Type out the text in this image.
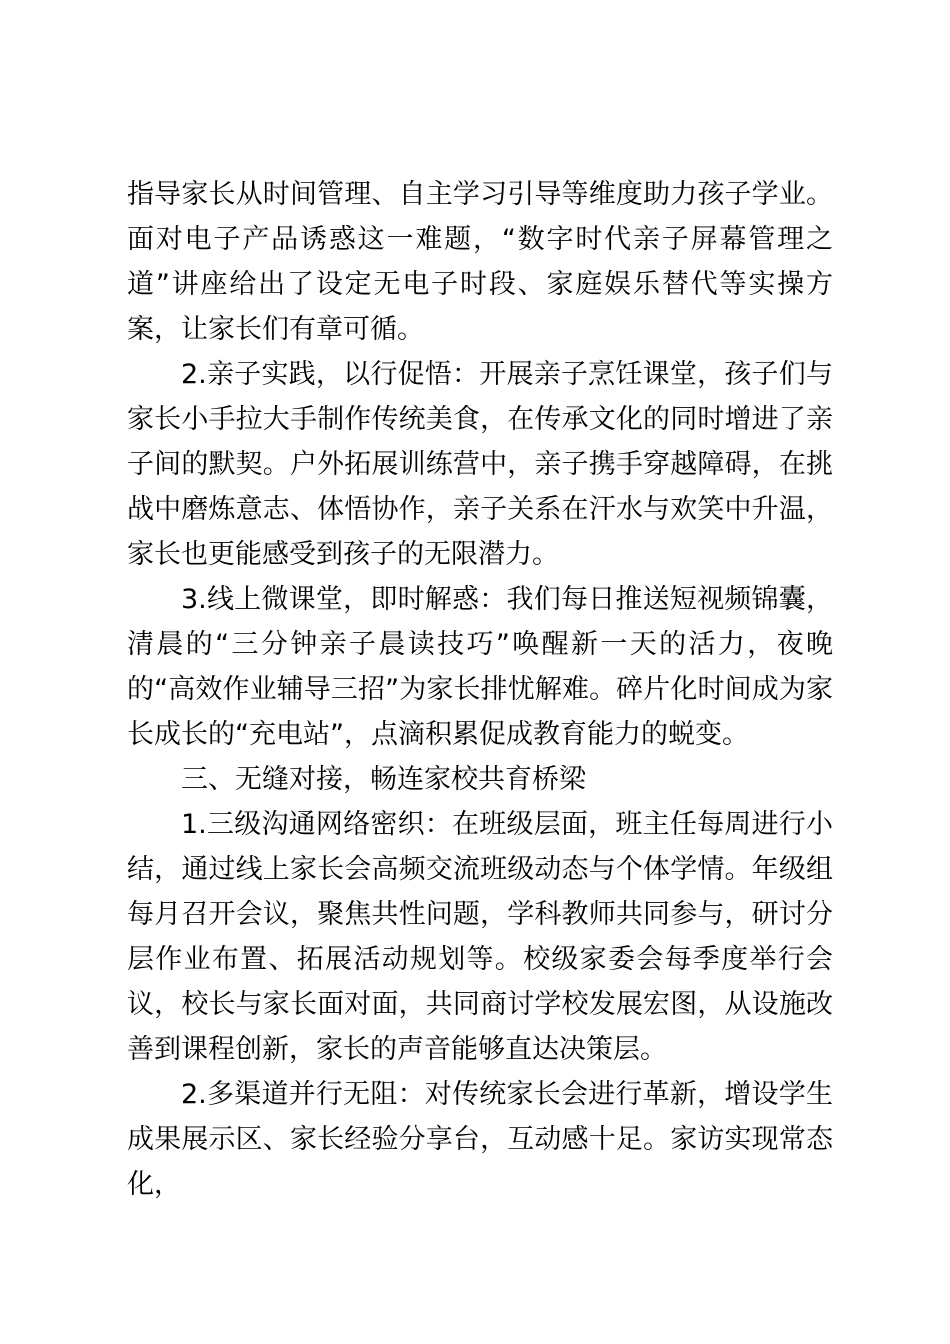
指导家长从时间管理、自主学习引导等维度助力孩子学业。面对电子产品诱惑这一难题，“数字时代亲子屏幕管理之道”讲座给出了设定无电子时段、家庭娱乐替代等实操方案，让家长们有章可循。

2.亲子实践，以行促悟：开展亲子烹饪课堂，孩子们与家长小手拉大手制作传统美食，在传承文化的同时增进了亲子间的默契。户外拓展训练营中，亲子携手穿越障碍，在挑战中磨炼意志、体悟协作，亲子关系在汗水与欢笑中升温，家长也更能感受到孩子的无限潜力。

3.线上微课堂，即时解惑：我们每日推送短视频锦囊，清晨的“三分钟亲子晨读技巧”唤醒新一天的活力，夜晚的“高效作业辅导三招”为家长排忧解难。碎片化时间成为家长成长的“充电站”，点滴积累促成教育能力的蜕变。

三、无缝对接，畅连家校共育桥梁

1.三级沟通网络密织：在班级层面，班主任每周进行小结，通过线上家长会高频交流班级动态与个体学情。年级组每月召开会议，聚焦共性问题，学科教师共同参与，研讨分层作业布置、拓展活动规划等。校级家委会每季度举行会议，校长与家长面对面，共同商讨学校发展宏图，从设施改善到课程创新，家长的声音能够直达决策层。

2.多渠道并行无阻：对传统家长会进行革新，增设学生成果展示区、家长经验分享台，互动感十足。家访实现常态化，
